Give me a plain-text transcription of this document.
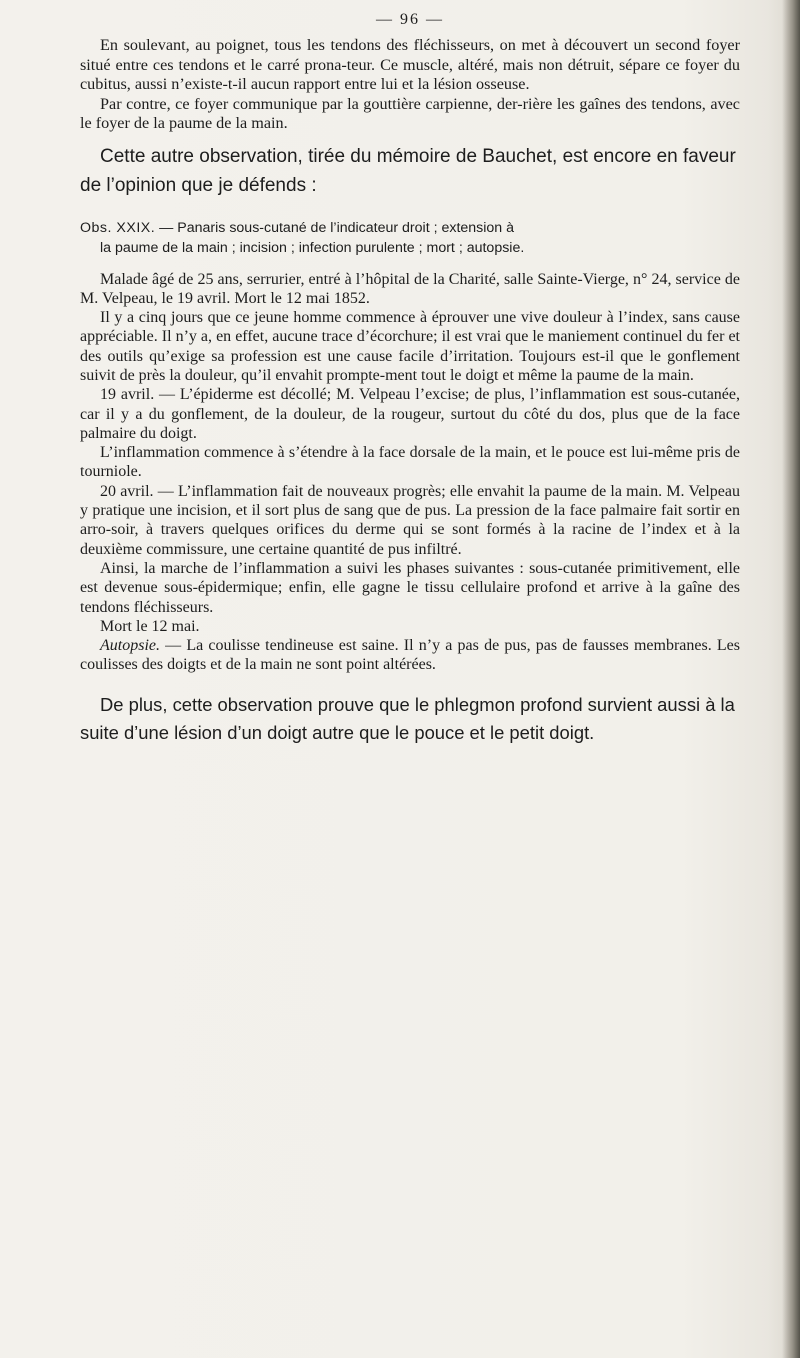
— 96 —

En soulevant, au poignet, tous les tendons des fléchisseurs, on met à découvert un second foyer situé entre ces tendons et le carré prona-teur. Ce muscle, altéré, mais non détruit, sépare ce foyer du cubitus, aussi n’existe-t-il aucun rapport entre lui et la lésion osseuse.

Par contre, ce foyer communique par la gouttière carpienne, der-rière les gaînes des tendons, avec le foyer de la paume de la main.

Cette autre observation, tirée du mémoire de Bauchet, est encore en faveur de l’opinion que je défends :

Obs. XXIX. — Panaris sous-cutané de l’indicateur droit ; extension à
la paume de la main ; incision ; infection purulente ; mort ; autopsie.

Malade âgé de 25 ans, serrurier, entré à l’hôpital de la Charité, salle Sainte-Vierge, n° 24, service de M. Velpeau, le 19 avril. Mort le 12 mai 1852.

Il y a cinq jours que ce jeune homme commence à éprouver une vive douleur à l’index, sans cause appréciable. Il n’y a, en effet, aucune trace d’écorchure; il est vrai que le maniement continuel du fer et des outils qu’exige sa profession est une cause facile d’irritation. Toujours est-il que le gonflement suivit de près la douleur, qu’il envahit prompte-ment tout le doigt et même la paume de la main.

19 avril. — L’épiderme est décollé; M. Velpeau l’excise; de plus, l’inflammation est sous-cutanée, car il y a du gonflement, de la douleur, de la rougeur, surtout du côté du dos, plus que de la face palmaire du doigt.

L’inflammation commence à s’étendre à la face dorsale de la main, et le pouce est lui-même pris de tourniole.

20 avril. — L’inflammation fait de nouveaux progrès; elle envahit la paume de la main. M. Velpeau y pratique une incision, et il sort plus de sang que de pus. La pression de la face palmaire fait sortir en arro-soir, à travers quelques orifices du derme qui se sont formés à la racine de l’index et à la deuxième commissure, une certaine quantité de pus infiltré.

Ainsi, la marche de l’inflammation a suivi les phases suivantes : sous-cutanée primitivement, elle est devenue sous-épidermique; enfin, elle gagne le tissu cellulaire profond et arrive à la gaîne des tendons fléchisseurs.

Mort le 12 mai.

Autopsie. — La coulisse tendineuse est saine. Il n’y a pas de pus, pas de fausses membranes. Les coulisses des doigts et de la main ne sont point altérées.

De plus, cette observation prouve que le phlegmon profond survient aussi à la suite d’une lésion d’un doigt autre que le pouce et le petit doigt.
